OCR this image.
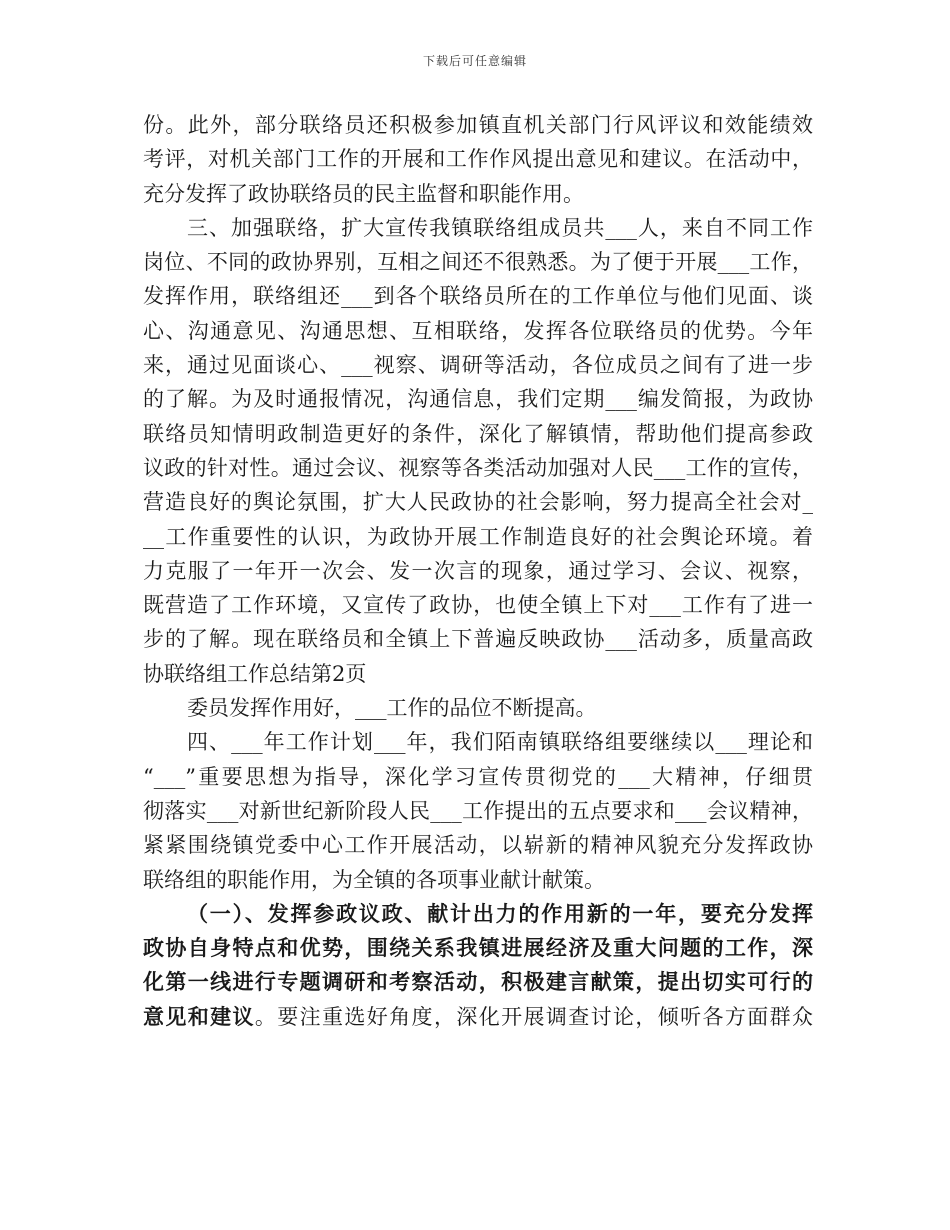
下载后可任意编辑
份。此外，部分联络员还积极参加镇直机关部门行风评议和效能绩效
考评，对机关部门工作的开展和工作作风提出意见和建议。在活动中，
充分发挥了政协联络员的民主监督和职能作用。
三、加强联络，扩大宣传我镇联络组成员共___人，来自不同工作
岗位、不同的政协界别，互相之间还不很熟悉。为了便于开展___工作，
发挥作用，联络组还___到各个联络员所在的工作单位与他们见面、谈
心、沟通意见、沟通思想、互相联络，发挥各位联络员的优势。今年
来，通过见面谈心、___视察、调研等活动，各位成员之间有了进一步
的了解。为及时通报情况，沟通信息，我们定期___编发简报，为政协
联络员知情明政制造更好的条件，深化了解镇情，帮助他们提高参政
议政的针对性。通过会议、视察等各类活动加强对人民___工作的宣传，
营造良好的舆论氛围，扩大人民政协的社会影响，努力提高全社会对_
__工作重要性的认识，为政协开展工作制造良好的社会舆论环境。着
力克服了一年开一次会、发一次言的现象，通过学习、会议、视察，
既营造了工作环境，又宣传了政协，也使全镇上下对___工作有了进一
步的了解。现在联络员和全镇上下普遍反映政协___活动多，质量高政
协联络组工作总结第2页
委员发挥作用好，___工作的品位不断提高。
四、___年工作计划___年，我们陌南镇联络组要继续以___理论和
“___”重要思想为指导，深化学习宣传贯彻党的___大精神，仔细贯
彻落实___对新世纪新阶段人民___工作提出的五点要求和___会议精神，
紧紧围绕镇党委中心工作开展活动，以崭新的精神风貌充分发挥政协
联络组的职能作用，为全镇的各项事业献计献策。
（一）、发挥参政议政、献计出力的作用新的一年，要充分发挥
政协自身特点和优势，围绕关系我镇进展经济及重大问题的工作，深
化第一线进行专题调研和考察活动，积极建言献策，提出切实可行的
意见和建议。要注重选好角度，深化开展调查讨论，倾听各方面群众
